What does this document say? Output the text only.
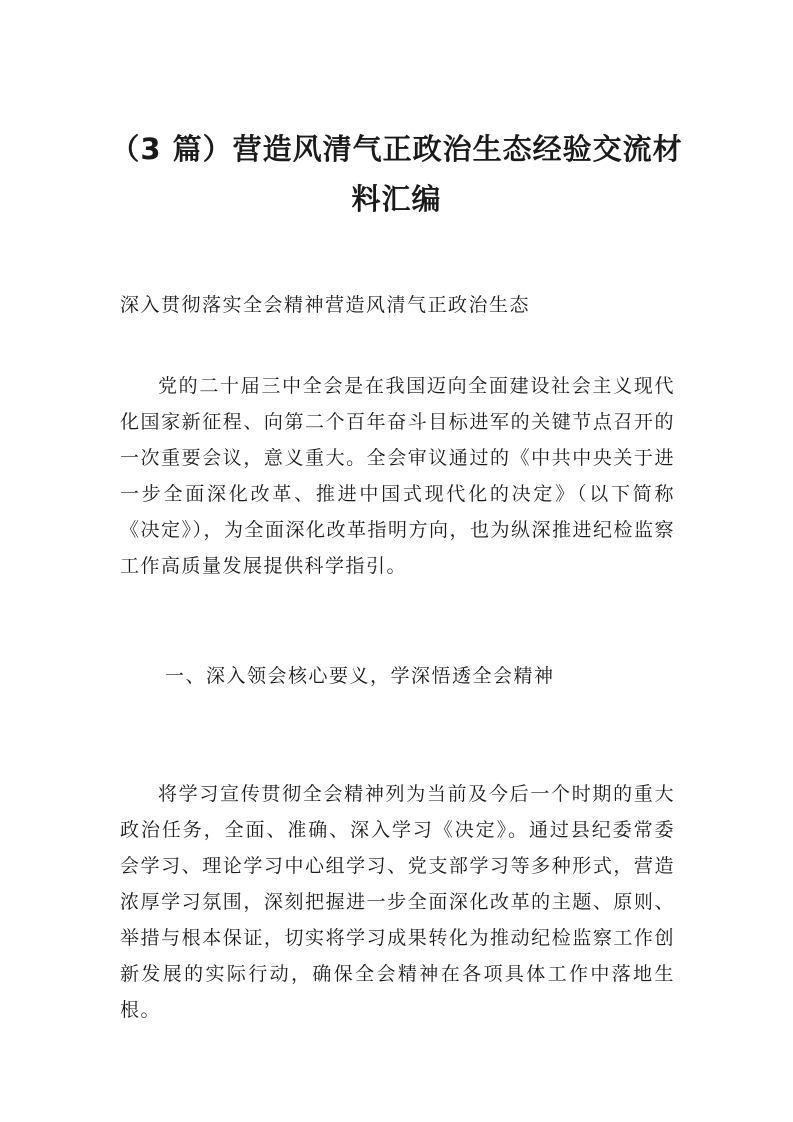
（3 篇）营造风清气正政治生态经验交流材料汇编

深入贯彻落实全会精神营造风清气正政治生态

党的二十届三中全会是在我国迈向全面建设社会主义现代化国家新征程、向第二个百年奋斗目标进军的关键节点召开的一次重要会议，意义重大。全会审议通过的《中共中央关于进一步全面深化改革、推进中国式现代化的决定》（以下简称《决定》），为全面深化改革指明方向，也为纵深推进纪检监察工作高质量发展提供科学指引。

一、深入领会核心要义，学深悟透全会精神

将学习宣传贯彻全会精神列为当前及今后一个时期的重大政治任务，全面、准确、深入学习《决定》。通过县纪委常委会学习、理论学习中心组学习、党支部学习等多种形式，营造浓厚学习氛围，深刻把握进一步全面深化改革的主题、原则、举措与根本保证，切实将学习成果转化为推动纪检监察工作创新发展的实际行动，确保全会精神在各项具体工作中落地生根。
